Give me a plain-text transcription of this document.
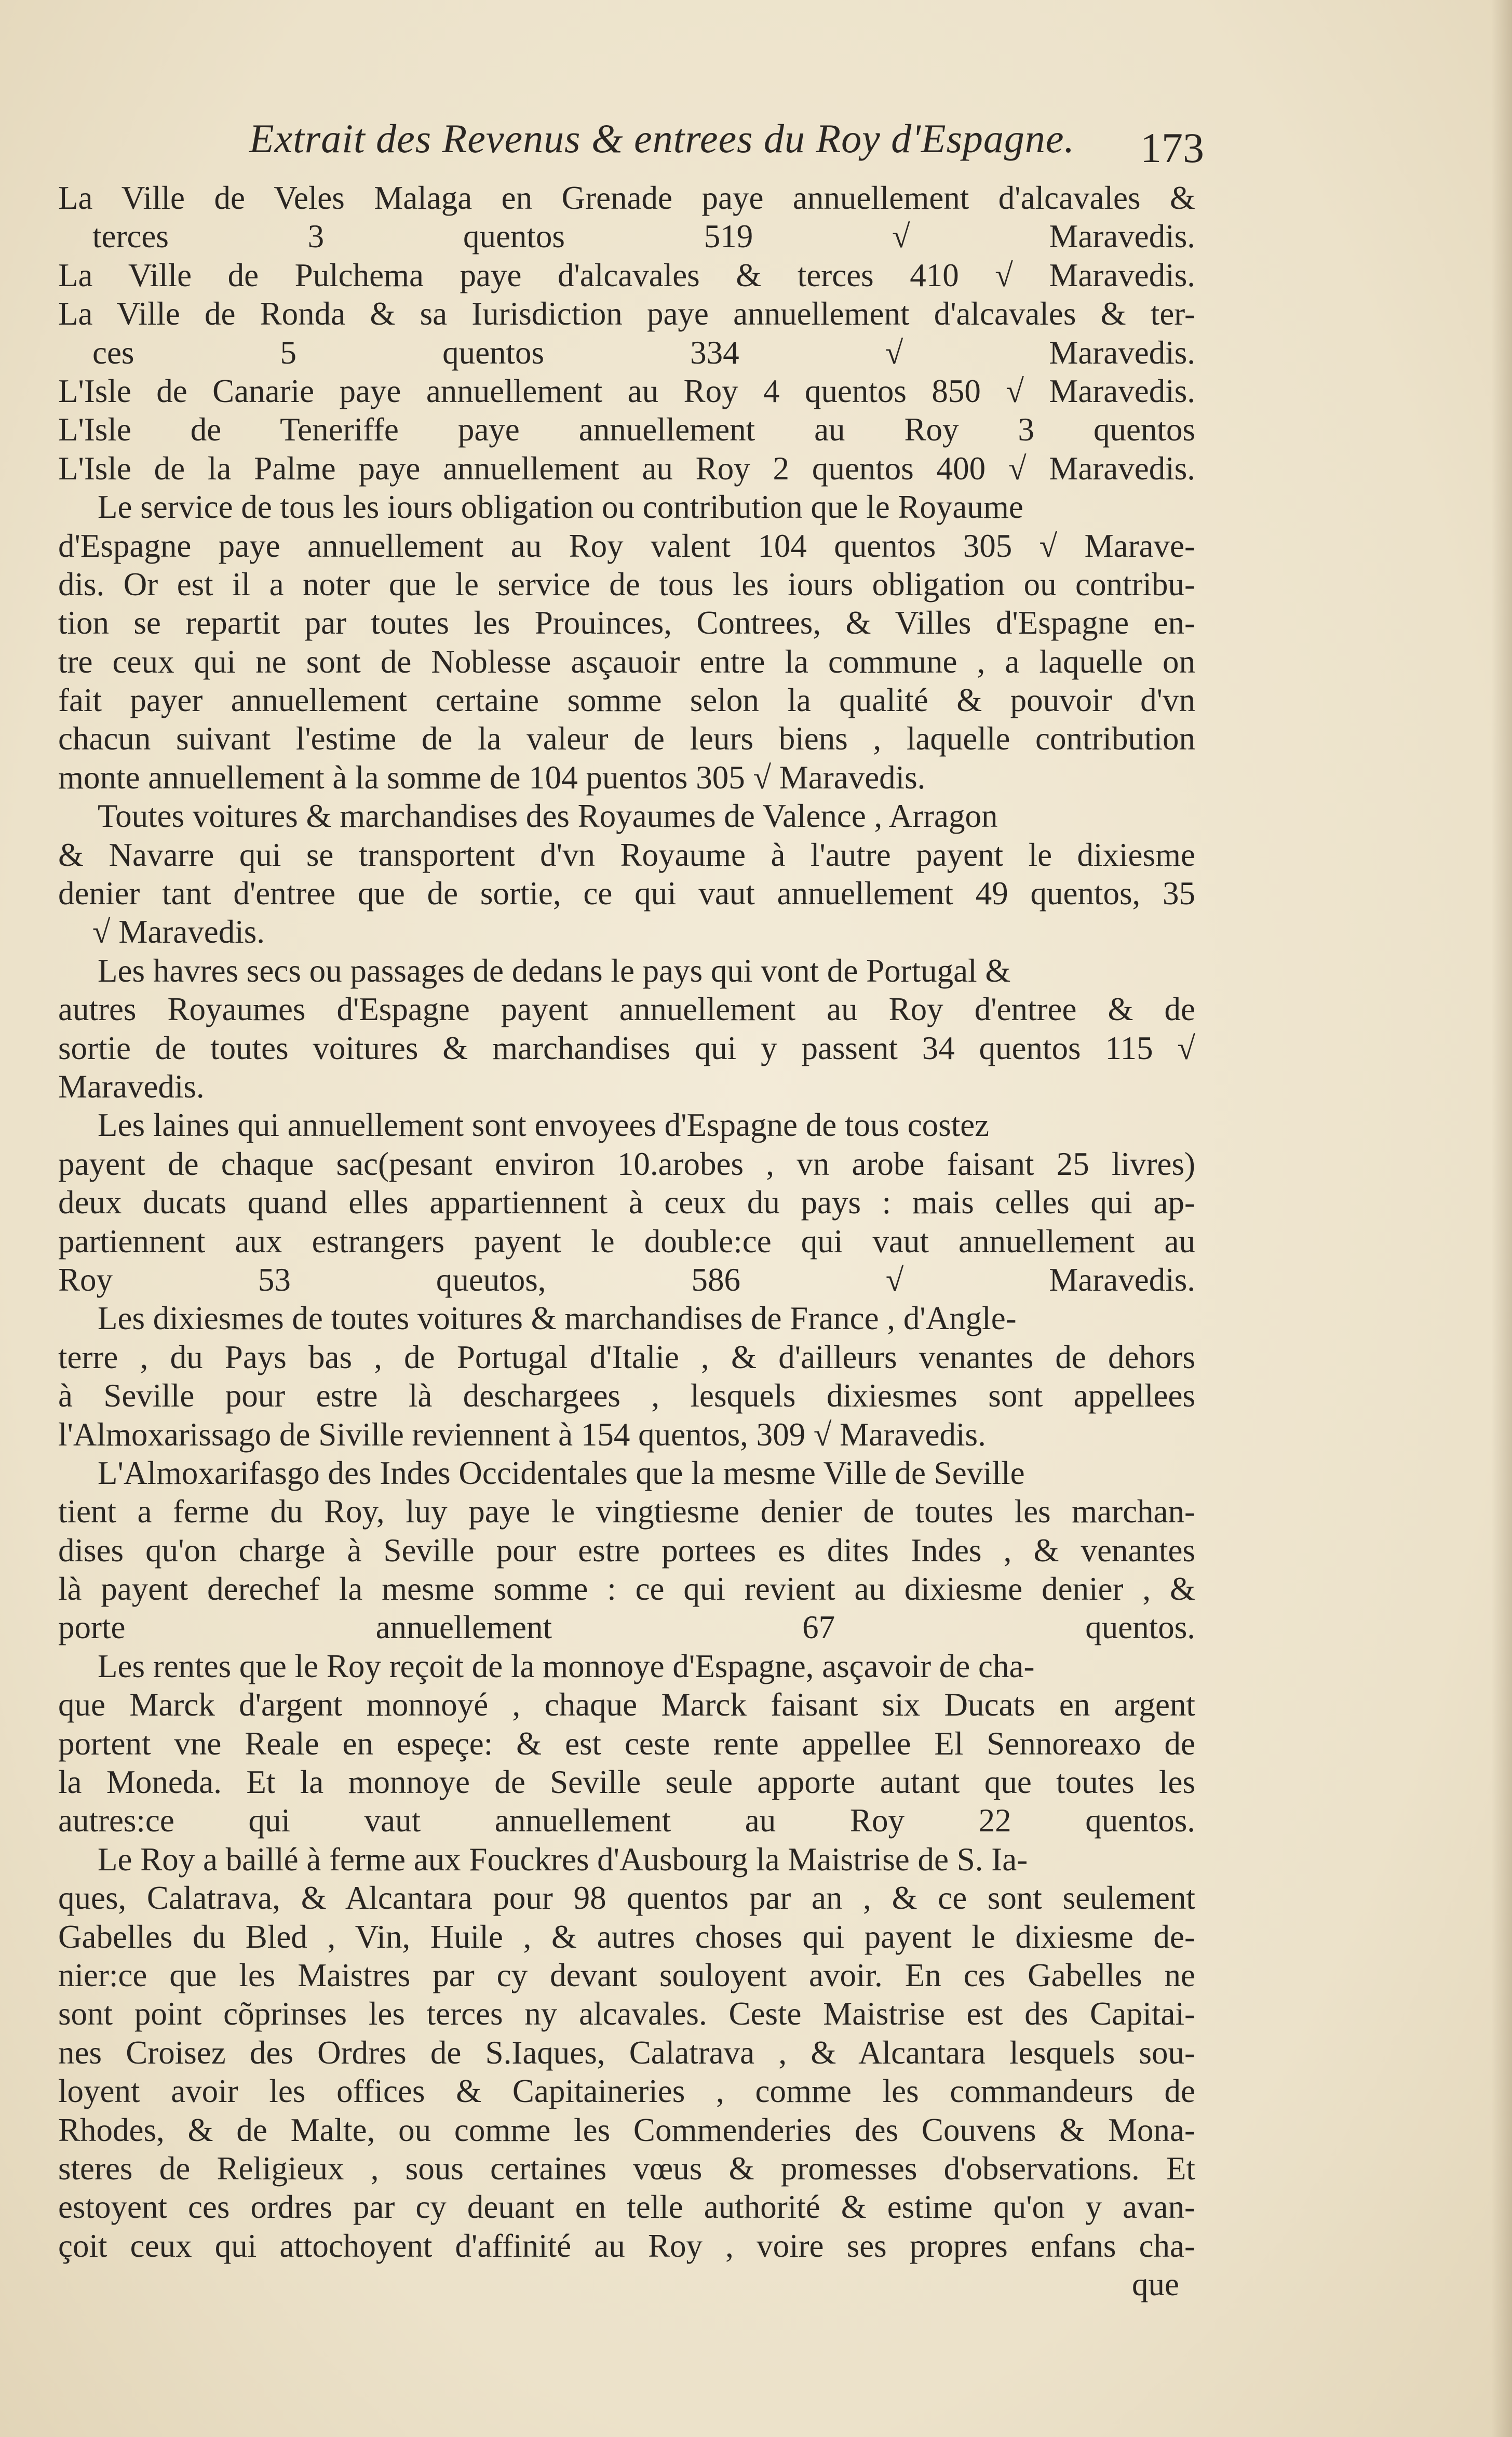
Extrait des Revenus & entrees du Roy d'Espagne.	173
La Ville de Veles Malaga en Grenade paye annuellement d'alcavales &
terces 3 quentos 519 √ Maravedis.
La Ville de Pulchema paye d'alcavales & terces 410 √ Maravedis.
La Ville de Ronda & sa Iurisdiction paye annuellement d'alcavales & ter-
ces 5 quentos 334 √ Maravedis.
L'Isle de Canarie paye annuellement au Roy 4 quentos 850 √ Maravedis.
L'Isle de Teneriffe paye annuellement au Roy 3 quentos
L'Isle de la Palme paye annuellement au Roy 2 quentos 400 √ Maravedis.
Le service de tous les iours obligation ou contribution que le Royaume
d'Espagne paye annuellement au Roy valent 104 quentos 305 √ Marave-
dis. Or est il a noter que le service de tous les iours obligation ou contribu-
tion se repartit par toutes les Prouinces, Contrees, & Villes d'Espagne en-
tre ceux qui ne sont de Noblesse asçauoir entre la commune , a laquelle on
fait payer annuellement certaine somme selon la qualité & pouvoir d'vn
chacun suivant l'estime de la valeur de leurs biens , laquelle contribution
monte annuellement à la somme de 104 puentos 305 √ Maravedis.
Toutes voitures & marchandises des Royaumes de Valence , Arragon
& Navarre qui se transportent d'vn Royaume à l'autre payent le dixiesme
denier tant d'entree que de sortie, ce qui vaut annuellement 49 quentos, 35
√ Maravedis.
Les havres secs ou passages de dedans le pays qui vont de Portugal &
autres Royaumes d'Espagne payent annuellement au Roy d'entree & de
sortie de toutes voitures & marchandises qui y passent 34 quentos 115 √
Maravedis.
Les laines qui annuellement sont envoyees d'Espagne de tous costez
payent de chaque sac(pesant environ 10.arobes , vn arobe faisant 25 livres)
deux ducats quand elles appartiennent à ceux du pays : mais celles qui ap-
partiennent aux estrangers payent le double:ce qui vaut annuellement au
Roy 53 queutos, 586 √ Maravedis.
Les dixiesmes de toutes voitures & marchandises de France , d'Angle-
terre , du Pays bas , de Portugal d'Italie , & d'ailleurs venantes de dehors
à Seville pour estre là deschargees , lesquels dixiesmes sont appellees
l'Almoxarissago de Siville reviennent à 154 quentos, 309 √ Maravedis.
L'Almoxarifasgo des Indes Occidentales que la mesme Ville de Seville
tient a ferme du Roy, luy paye le vingtiesme denier de toutes les marchan-
dises qu'on charge à Seville pour estre portees es dites Indes , & venantes
là payent derechef la mesme somme : ce qui revient au dixiesme denier , &
porte annuellement 67 quentos.
Les rentes que le Roy reçoit de la monnoye d'Espagne, asçavoir de cha-
que Marck d'argent monnoyé , chaque Marck faisant six Ducats en argent
portent vne Reale en espeçe: & est ceste rente appellee El Sennoreaxo de
la Moneda. Et la monnoye de Seville seule apporte autant que toutes les
autres:ce qui vaut annuellement au Roy 22 quentos.
Le Roy a baillé à ferme aux Fouckres d'Ausbourg la Maistrise de S. Ia-
ques, Calatrava, & Alcantara pour 98 quentos par an , & ce sont seulement
Gabelles du Bled , Vin, Huile , & autres choses qui payent le dixiesme de-
nier:ce que les Maistres par cy devant souloyent avoir. En ces Gabelles ne
sont point cõprinses les terces ny alcavales. Ceste Maistrise est des Capitai-
nes Croisez des Ordres de S.Iaques, Calatrava , & Alcantara lesquels sou-
loyent avoir les offices & Capitaineries , comme les commandeurs de
Rhodes, & de Malte, ou comme les Commenderies des Couvens & Mona-
steres de Religieux , sous certaines vœus & promesses d'observations. Et
estoyent ces ordres par cy deuant en telle authorité & estime qu'on y avan-
çoit ceux qui attochoyent d'affinité au Roy , voire ses propres enfans cha-
que
